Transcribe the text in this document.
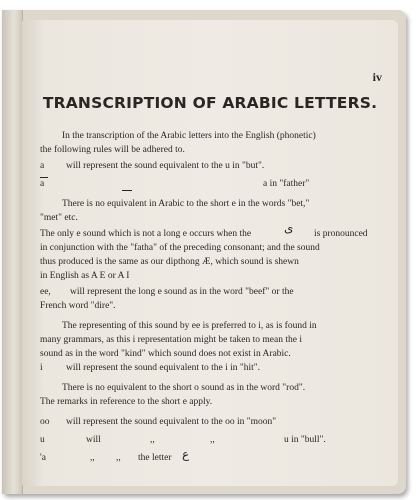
iv
TRANSCRIPTION OF ARABIC LETTERS.
In the transcription of the Arabic letters into the English (phonetic)
the following rules will be adhered to.
a will represent the sound equivalent to the u in "but".
a	a in "father"
There is no equivalent in Arabic to the short e in the words "bet,"
"met" etc.
The only e sound which is not a long e occurs when the	ى is pronounced
in conjunction with the "fatha" of the preceding consonant; and the sound
thus produced is the same as our dipthong Æ, which sound is shewn
in English as A E or A I
ee, will represent the long e sound as in the word "beef" or the
French word "dire".
The representing of this sound by ee is preferred to i, as is found in
many grammars, as this i representation might be taken to mean the i
sound as in the word "kind" which sound does not exist in Arabic.
i will represent the sound equivalent to the i in "hit".
There is no equivalent to the short o sound as in the word "rod".
The remarks in reference to the short e apply.
oo will represent the sound equivalent to the oo in "moon"
u	will	,,	,,	u in "bull".
'a	,, ,, the letter ع
